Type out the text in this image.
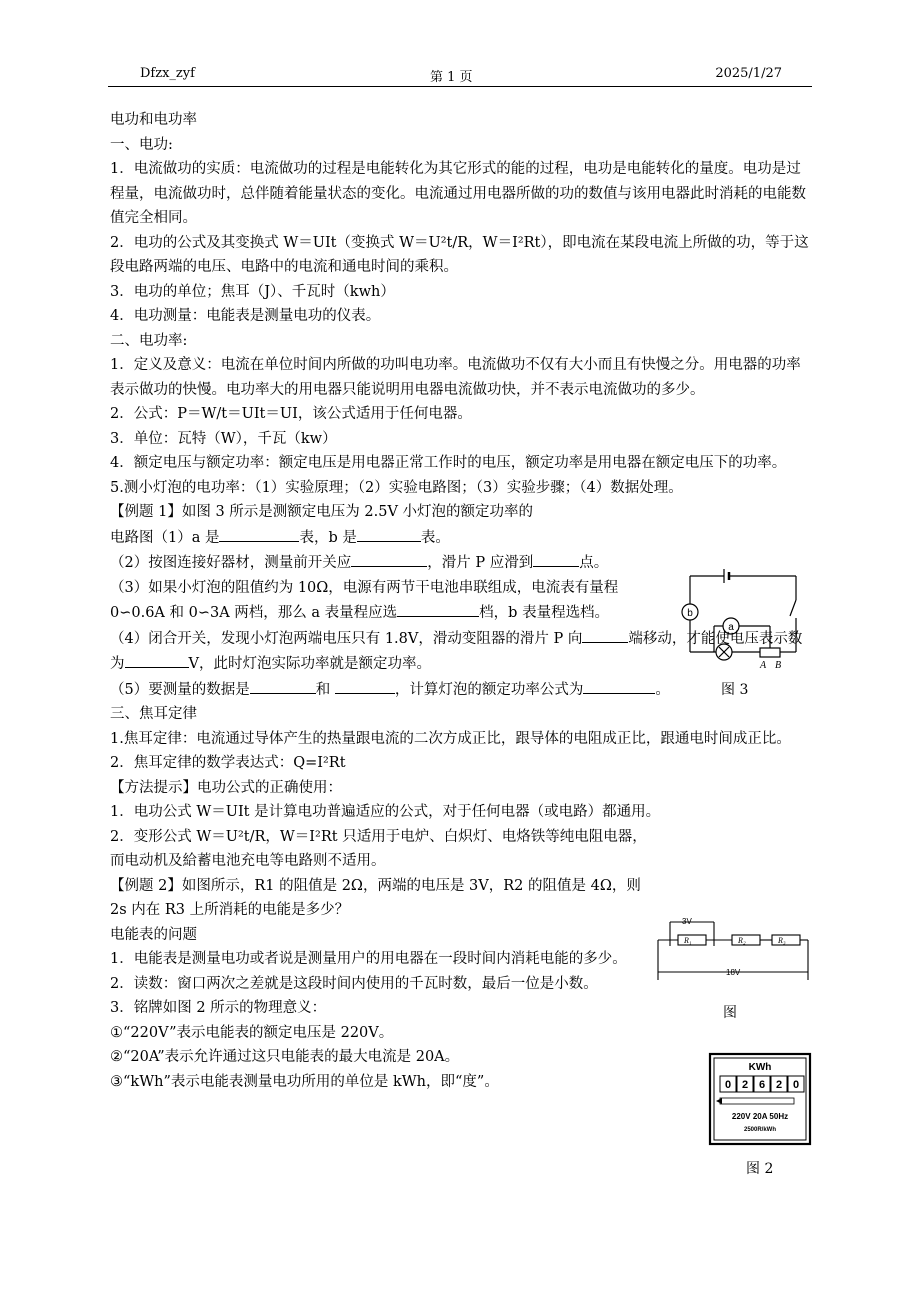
Dfzx_zyf	第 1 页	2025/1/27

电功和电功率

一、电功:

1．电流做功的实质：电流做功的过程是电能转化为其它形式的能的过程，电功是电能转化的量度。电功是过程量，电流做功时，总伴随着能量状态的变化。电流通过用电器所做的功的数值与该用电器此时消耗的电能数值完全相同。

2．电功的公式及其变换式 W＝UIt（变换式 W＝U²t/R，W＝I²Rt），即电流在某段电流上所做的功，等于这段电路两端的电压、电路中的电流和通电时间的乘积。

3．电功的单位；焦耳（J）、千瓦时（kwh）

4．电功测量：电能表是测量电功的仪表。

二、电功率:

1．定义及意义：电流在单位时间内所做的功叫电功率。电流做功不仅有大小而且有快慢之分。用电器的功率表示做功的快慢。电功率大的用电器只能说明用电器电流做功快，并不表示电流做功的多少。

2．公式：P＝W/t＝UIt＝UI，该公式适用于任何电器。

3．单位：瓦特（W），千瓦（kw）

4．额定电压与额定功率：额定电压是用电器正常工作时的电压，额定功率是用电器在额定电压下的功率。

5.测小灯泡的电功率：（1）实验原理；（2）实验电路图；（3）实验步骤；（4）数据处理。

【例题 1】如图 3 所示是测额定电压为 2.5V 小灯泡的额定功率的

电路图（1）a 是	表，b 是	表。

（2）按图连接好器材，测量前开关应	，滑片 P 应滑到	点。

（3）如果小灯泡的阻值约为 10Ω，电源有两节干电池串联组成，电流表有量程 0∽0.6A 和 0∽3A 两档，那么 a 表量程应选	档，b 表量程选档。

（4）闭合开关，发现小灯泡两端电压只有 1.8V，滑动变阻器的滑片 P 向	端移动，才能使电压表示数为	V，此时灯泡实际功率就是额定功率。

（5）要测量的数据是	和	，计算灯泡的额定功率公式为	。

三、焦耳定律

1.焦耳定律：电流通过导体产生的热量跟电流的二次方成正比，跟导体的电阻成正比，跟通电时间成正比。

2．焦耳定律的数学表达式：Q=I²Rt

【方法提示】电功公式的正确使用：

1．电功公式 W＝UIt 是计算电功普遍适应的公式，对于任何电器（或电路）都通用。

2．变形公式 W＝U²t/R，W＝I²Rt 只适用于电炉、白炽灯、电烙铁等纯电阻电器，而电动机及給蓄电池充电等电路则不适用。

【例题 2】如图所示，R1 的阻值是 2Ω，两端的电压是 3V，R2 的阻值是 4Ω，则 2s 内在 R3 上所消耗的电能是多少？

电能表的问题

1．电能表是测量电功或者说是测量用户的用电器在一段时间内消耗电能的多少。

2．读数：窗口两次之差就是这段时间内使用的千瓦时数，最后一位是小数。

3．铭牌如图 2 所示的物理意义：

①“220V”表示电能表的额定电压是 220V。

②“20A”表示允许通过这只电能表的最大电流是 20A。

③“kWh”表示电能表测量电功所用的单位是 kWh，即“度”。

b
a
A B
图 3
3V
R₁	R₂	R₃
18V
图
KWh
0 2 6 2 0
220V 20A 50Hz
2500R/kWh
图 2
